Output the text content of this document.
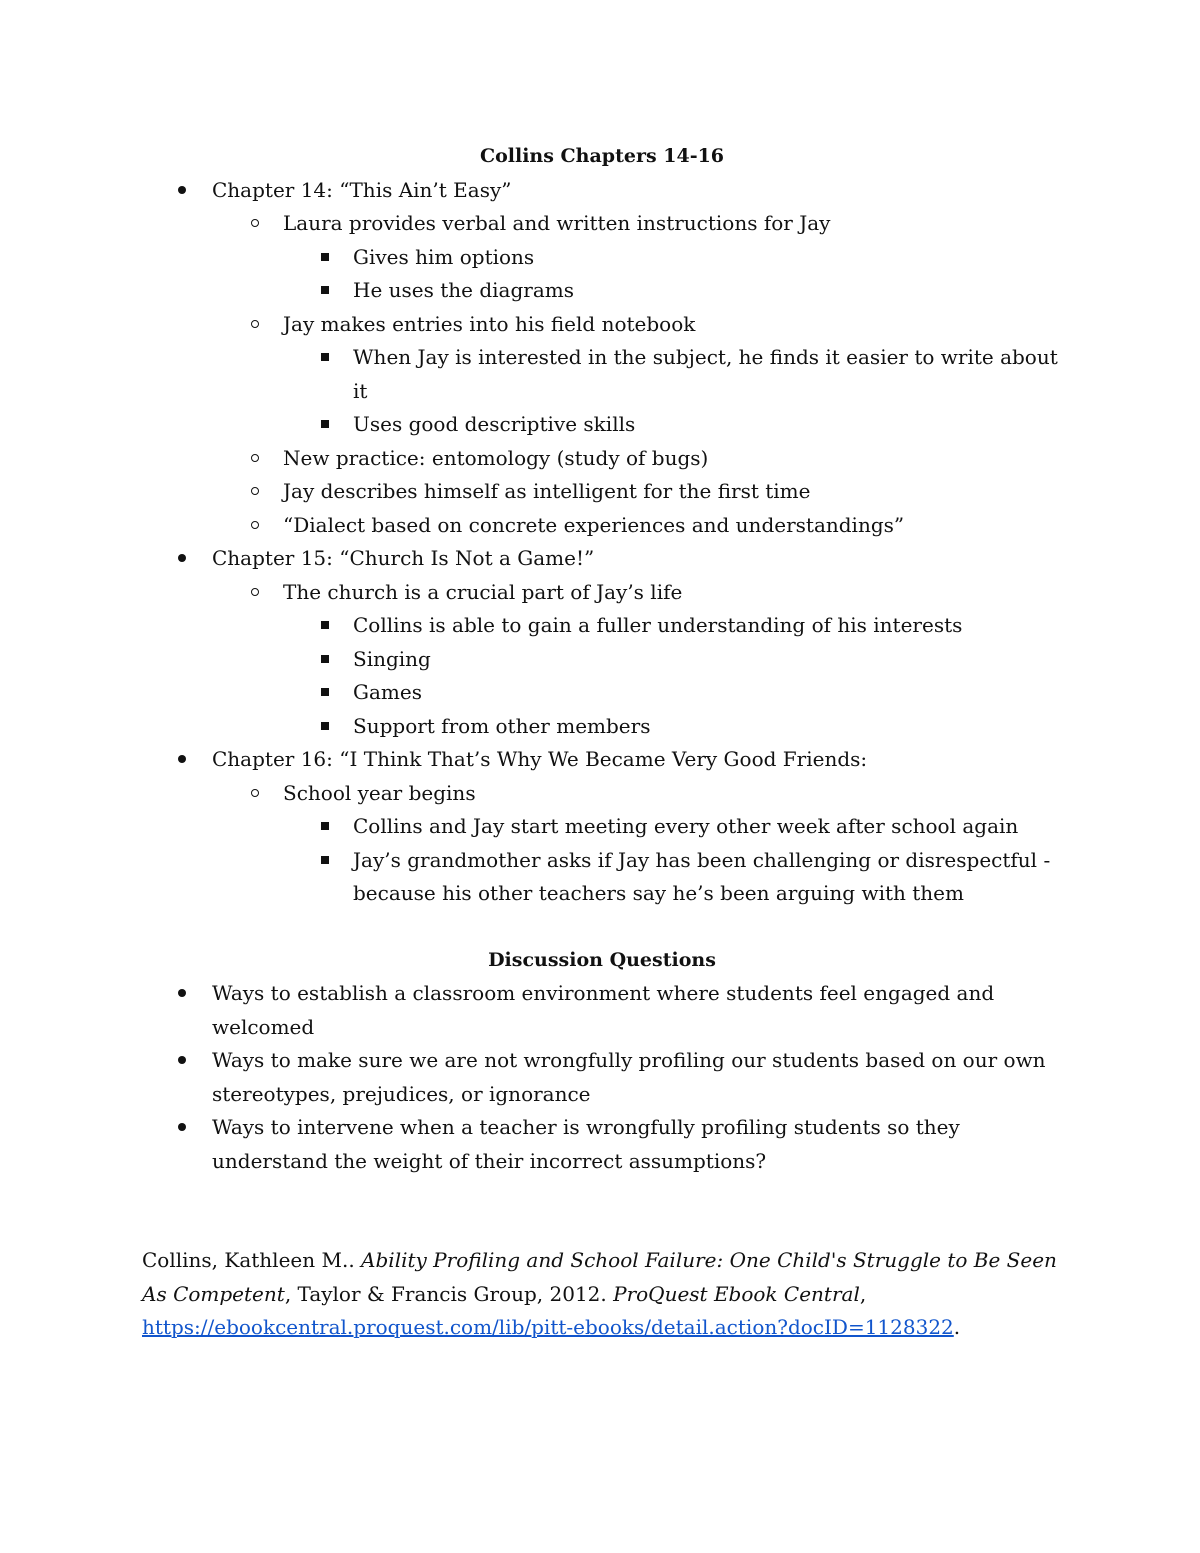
Collins Chapters 14-16

Chapter 14: “This Ain’t Easy”
Laura provides verbal and written instructions for Jay
Gives him options
He uses the diagrams
Jay makes entries into his field notebook
When Jay is interested in the subject, he finds it easier to write about it
Uses good descriptive skills
New practice: entomology (study of bugs)
Jay describes himself as intelligent for the first time
“Dialect based on concrete experiences and understandings”
Chapter 15: “Church Is Not a Game!”
The church is a crucial part of Jay’s life
Collins is able to gain a fuller understanding of his interests
Singing
Games
Support from other members
Chapter 16: “I Think That’s Why We Became Very Good Friends:
School year begins
Collins and Jay start meeting every other week after school again
Jay’s grandmother asks if Jay has been challenging or disrespectful - because his other teachers say he’s been arguing with them

Discussion Questions

Ways to establish a classroom environment where students feel engaged and welcomed
Ways to make sure we are not wrongfully profiling our students based on our own stereotypes, prejudices, or ignorance
Ways to intervene when a teacher is wrongfully profiling students so they understand the weight of their incorrect assumptions?

Collins, Kathleen M.. Ability Profiling and School Failure: One Child's Struggle to Be Seen As Competent, Taylor & Francis Group, 2012. ProQuest Ebook Central,
https://ebookcentral.proquest.com/lib/pitt-ebooks/detail.action?docID=1128322.
